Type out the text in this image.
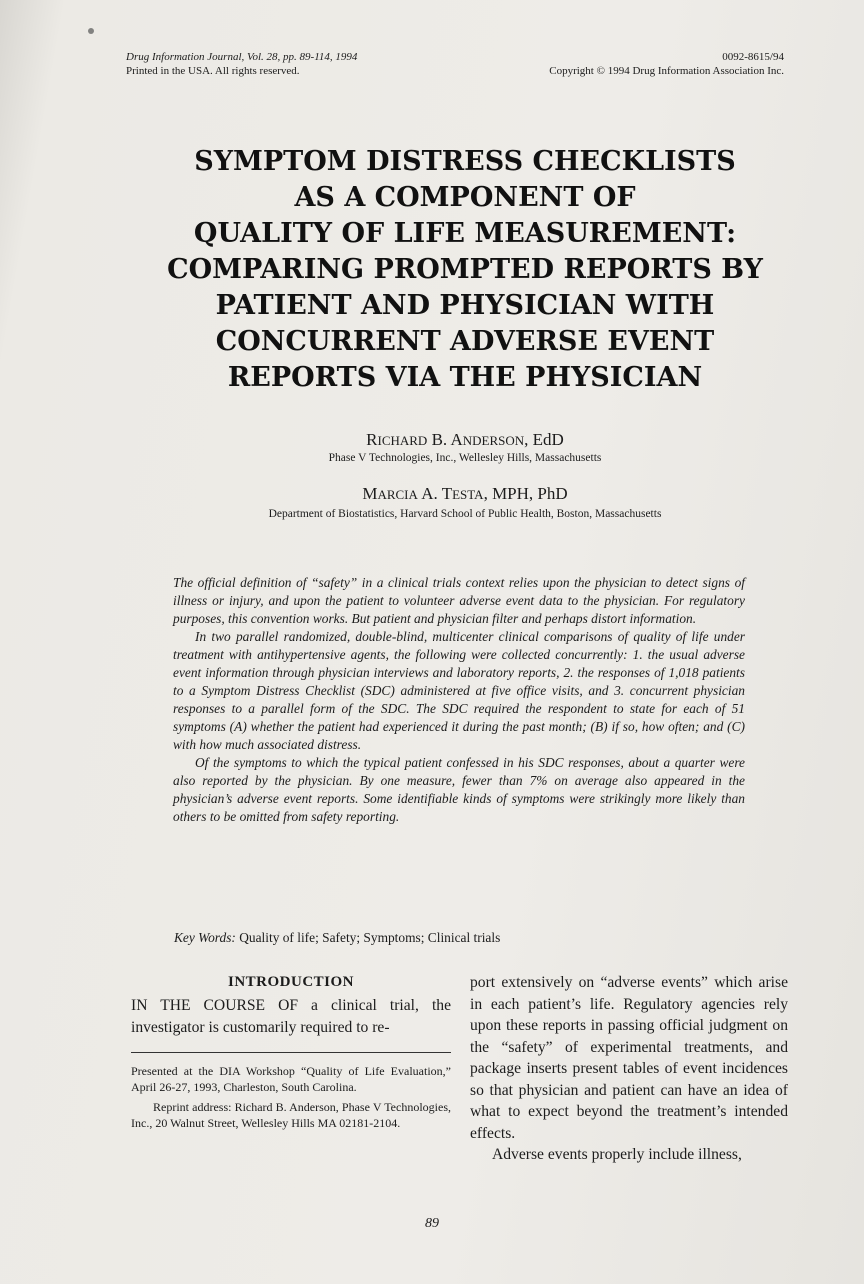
Drug Information Journal, Vol. 28, pp. 89-114, 1994
Printed in the USA. All rights reserved.
0092-8615/94
Copyright © 1994 Drug Information Association Inc.
SYMPTOM DISTRESS CHECKLISTS
AS A COMPONENT OF
QUALITY OF LIFE MEASUREMENT:
COMPARING PROMPTED REPORTS BY
PATIENT AND PHYSICIAN WITH
CONCURRENT ADVERSE EVENT
REPORTS VIA THE PHYSICIAN
RICHARD B. ANDERSON, EdD
Phase V Technologies, Inc., Wellesley Hills, Massachusetts
MARCIA A. TESTA, MPH, PhD
Department of Biostatistics, Harvard School of Public Health, Boston, Massachusetts

The official definition of “safety” in a clinical trials context relies upon the physician to detect signs of illness or injury, and upon the patient to volunteer adverse event data to the physician. For regulatory purposes, this convention works. But patient and physician filter and perhaps distort information.

In two parallel randomized, double-blind, multicenter clinical comparisons of quality of life under treatment with antihypertensive agents, the following were collected concurrently: 1. the usual adverse event information through physician interviews and laboratory reports, 2. the responses of 1,018 patients to a Symptom Distress Checklist (SDC) administered at five office visits, and 3. concurrent physician responses to a parallel form of the SDC. The SDC required the respondent to state for each of 51 symptoms (A) whether the patient had experienced it during the past month; (B) if so, how often; and (C) with how much associated distress.

Of the symptoms to which the typical patient confessed in his SDC responses, about a quarter were also reported by the physician. By one measure, fewer than 7% on average also appeared in the physician’s adverse event reports. Some identifiable kinds of symptoms were strikingly more likely than others to be omitted from safety reporting.

Key Words: Quality of life; Safety; Symptoms; Clinical trials
INTRODUCTION

IN THE COURSE OF a clinical trial, the investigator is customarily required to re-

Presented at the DIA Workshop “Quality of Life Evaluation,” April 26-27, 1993, Charleston, South Carolina.

Reprint address: Richard B. Anderson, Phase V Technologies, Inc., 20 Walnut Street, Wellesley Hills MA 02181-2104.

port extensively on “adverse events” which arise in each patient’s life. Regulatory agencies rely upon these reports in passing official judgment on the “safety” of experimental treatments, and package inserts present tables of event incidences so that physician and patient can have an idea of what to expect beyond the treatment’s intended effects.

Adverse events properly include illness,

89
